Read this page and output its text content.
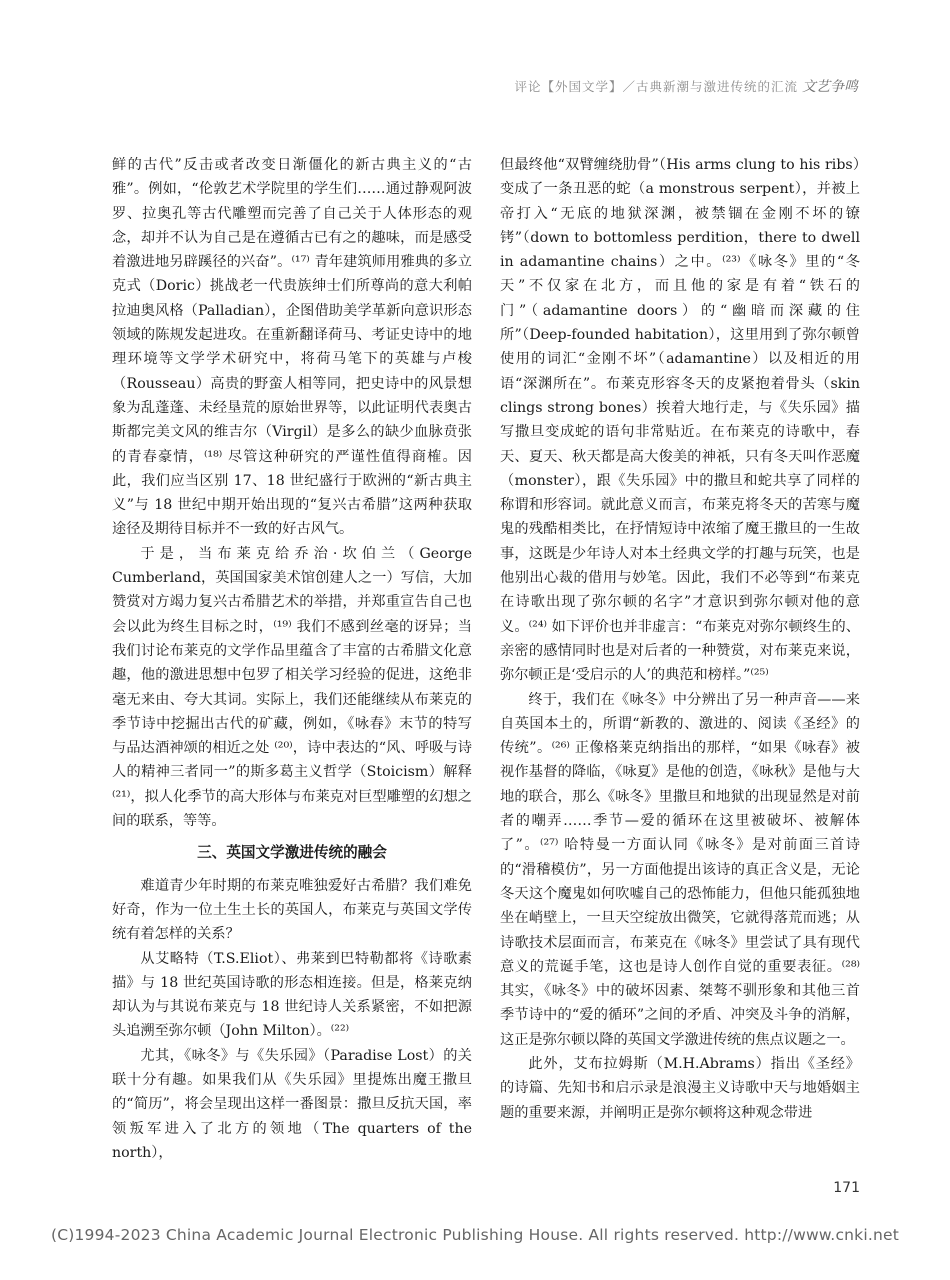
评论【外国文学】／古典新潮与激进传统的汇流 文艺争鸣

鲜的古代”反击或者改变日渐僵化的新古典主义的“古雅”。例如，“伦敦艺术学院里的学生们……通过静观阿波罗、拉奥孔等古代雕塑而完善了自己关于人体形态的观念，却并不认为自己是在遵循古已有之的趣味，而是感受着激进地另辟蹊径的兴奋”。⁽¹⁷⁾ 青年建筑师用雅典的多立克式（Doric）挑战老一代贵族绅士们所尊尚的意大利帕拉迪奥风格（Palladian），企图借助美学革新向意识形态领域的陈规发起进攻。在重新翻译荷马、考证史诗中的地理环境等文学学术研究中，将荷马笔下的英雄与卢梭（Rousseau）高贵的野蛮人相等同，把史诗中的风景想象为乱蓬蓬、未经垦荒的原始世界等，以此证明代表奥古斯都完美文风的维吉尔（Virgil）是多么的缺少血脉贲张的青春豪情，⁽¹⁸⁾ 尽管这种研究的严谨性值得商榷。因此，我们应当区别 17、18 世纪盛行于欧洲的“新古典主义”与 18 世纪中期开始出现的“复兴古希腊”这两种获取途径及期待目标并不一致的好古风气。

于是，当布莱克给乔治·坎伯兰（George Cumberland，英国国家美术馆创建人之一）写信，大加赞赏对方竭力复兴古希腊艺术的举措，并郑重宣告自己也会以此为终生目标之时，⁽¹⁹⁾ 我们不感到丝毫的讶异；当我们讨论布莱克的文学作品里蕴含了丰富的古希腊文化意趣，他的激进思想中包罗了相关学习经验的促进，这绝非毫无来由、夸大其词。实际上，我们还能继续从布莱克的季节诗中挖掘出古代的矿藏，例如，《咏春》末节的特写与品达酒神颂的相近之处 ⁽²⁰⁾，诗中表达的“风、呼吸与诗人的精神三者同一”的斯多葛主义哲学（Stoicism）解释 ⁽²¹⁾，拟人化季节的高大形体与布莱克对巨型雕塑的幻想之间的联系，等等。

三、英国文学激进传统的融会

难道青少年时期的布莱克唯独爱好古希腊？我们难免好奇，作为一位土生土长的英国人，布莱克与英国文学传统有着怎样的关系？

从艾略特（T.S.Eliot）、弗莱到巴特勒都将《诗歌素描》与 18 世纪英国诗歌的形态相连接。但是，格莱克纳却认为与其说布莱克与 18 世纪诗人关系紧密，不如把源头追溯至弥尔顿（John Milton）。⁽²²⁾

尤其，《咏冬》与《失乐园》（Paradise Lost）的关联十分有趣。如果我们从《失乐园》里提炼出魔王撒旦的“简历”，将会呈现出这样一番图景：撒旦反抗天国，率领叛军进入了北方的领地（The quarters of the north），

但最终他“双臂缠绕肋骨”（His arms clung to his ribs）变成了一条丑恶的蛇（a monstrous serpent），并被上帝打入“无底的地狱深渊，被禁锢在金刚不坏的镣铐”（down to bottomless perdition，there to dwell in adamantine chains）之中。⁽²³⁾《咏冬》里的“冬天”不仅家在北方，而且他的家是有着“铁石的门”（adamantine doors）的“幽暗而深藏的住所”（Deep-founded habitation），这里用到了弥尔顿曾使用的词汇“金刚不坏”（adamantine）以及相近的用语“深渊所在”。布莱克形容冬天的皮紧抱着骨头（skin clings strong bones）挨着大地行走，与《失乐园》描写撒旦变成蛇的语句非常贴近。在布莱克的诗歌中，春天、夏天、秋天都是高大俊美的神祇，只有冬天叫作恶魔（monster），跟《失乐园》中的撒旦和蛇共享了同样的称谓和形容词。就此意义而言，布莱克将冬天的苦寒与魔鬼的残酷相类比，在抒情短诗中浓缩了魔王撒旦的一生故事，这既是少年诗人对本土经典文学的打趣与玩笑，也是他别出心裁的借用与妙笔。因此，我们不必等到“布莱克在诗歌出现了弥尔顿的名字”才意识到弥尔顿对他的意义。⁽²⁴⁾ 如下评价也并非虚言：“布莱克对弥尔顿终生的、亲密的感情同时也是对后者的一种赞赏，对布莱克来说，弥尔顿正是‘受启示的人’的典范和榜样。”⁽²⁵⁾

终于，我们在《咏冬》中分辨出了另一种声音——来自英国本土的，所谓“新教的、激进的、阅读《圣经》的传统”。⁽²⁶⁾ 正像格莱克纳指出的那样，“如果《咏春》被视作基督的降临，《咏夏》是他的创造，《咏秋》是他与大地的联合，那么《咏冬》里撒旦和地狱的出现显然是对前者的嘲弄……季节—爱的循环在这里被破坏、被解体了”。⁽²⁷⁾ 哈特曼一方面认同《咏冬》是对前面三首诗的“滑稽模仿”，另一方面他提出该诗的真正含义是，无论冬天这个魔鬼如何吹嘘自己的恐怖能力，但他只能孤独地坐在峭壁上，一旦天空绽放出微笑，它就得落荒而逃；从诗歌技术层面而言，布莱克在《咏冬》里尝试了具有现代意义的荒诞手笔，这也是诗人创作自觉的重要表征。⁽²⁸⁾ 其实，《咏冬》中的破坏因素、桀骜不驯形象和其他三首季节诗中的“爱的循环”之间的矛盾、冲突及斗争的消解，这正是弥尔顿以降的英国文学激进传统的焦点议题之一。

此外，艾布拉姆斯（M.H.Abrams）指出《圣经》的诗篇、先知书和启示录是浪漫主义诗歌中天与地婚姻主题的重要来源，并阐明正是弥尔顿将这种观念带进

171
(C)1994-2023 China Academic Journal Electronic Publishing House. All rights reserved. http://www.cnki.net
